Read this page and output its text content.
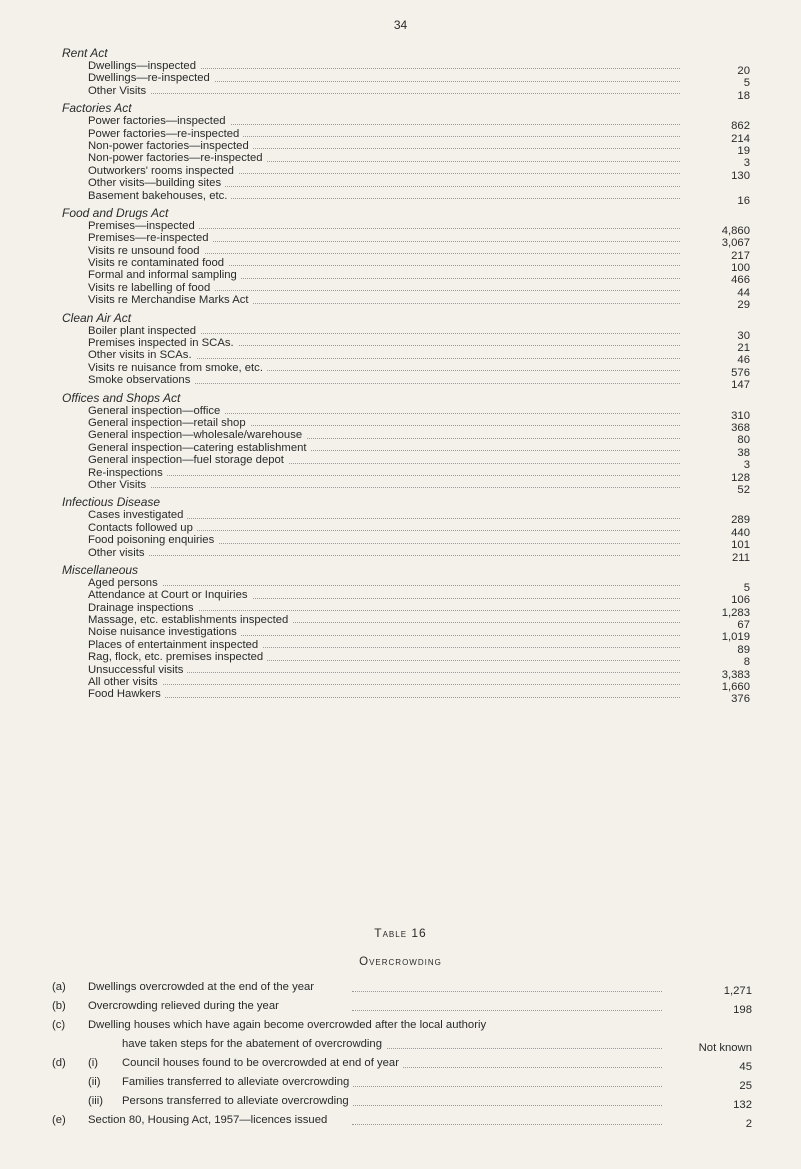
34
Rent Act
Dwellings—inspected	20
Dwellings—re-inspected	5
Other Visits	18
Factories Act
Power factories—inspected	862
Power factories—re-inspected	214
Non-power factories—inspected	19
Non-power factories—re-inspected	3
Outworkers' rooms inspected	130
Other visits—building sites
Basement bakehouses, etc.	16
Food and Drugs Act
Premises—inspected	4,860
Premises—re-inspected	3,067
Visits re unsound food	217
Visits re contaminated food	100
Formal and informal sampling	466
Visits re labelling of food	44
Visits re Merchandise Marks Act	29
Clean Air Act
Boiler plant inspected	30
Premises inspected in SCAs.	21
Other visits in SCAs.	46
Visits re nuisance from smoke, etc.	576
Smoke observations	147
Offices and Shops Act
General inspection—office	310
General inspection—retail shop	368
General inspection—wholesale/warehouse	80
General inspection—catering establishment	38
General inspection—fuel storage depot	3
Re-inspections	128
Other Visits	52
Infectious Disease
Cases investigated	289
Contacts followed up	440
Food poisoning enquiries	101
Other visits	211
Miscellaneous
Aged persons	5
Attendance at Court or Inquiries	106
Drainage inspections	1,283
Massage, etc. establishments inspected	67
Noise nuisance investigations	1,019
Places of entertainment inspected	89
Rag, flock, etc. premises inspected	8
Unsuccessful visits	3,383
All other visits	1,660
Food Hawkers	376
Table 16
Overcrowding
(a) Dwellings overcrowded at the end of the year	1,271
(b) Overcrowding relieved during the year	198
(c) Dwelling houses which have again become overcrowded after the local authoriy
have taken steps for the abatement of overcrowding	Not known
(d) (i) Council houses found to be overcrowded at end of year	45
(ii) Families transferred to alleviate overcrowding	25
(iii) Persons transferred to alleviate overcrowding	132
(e) Section 80, Housing Act, 1957—licences issued	2
